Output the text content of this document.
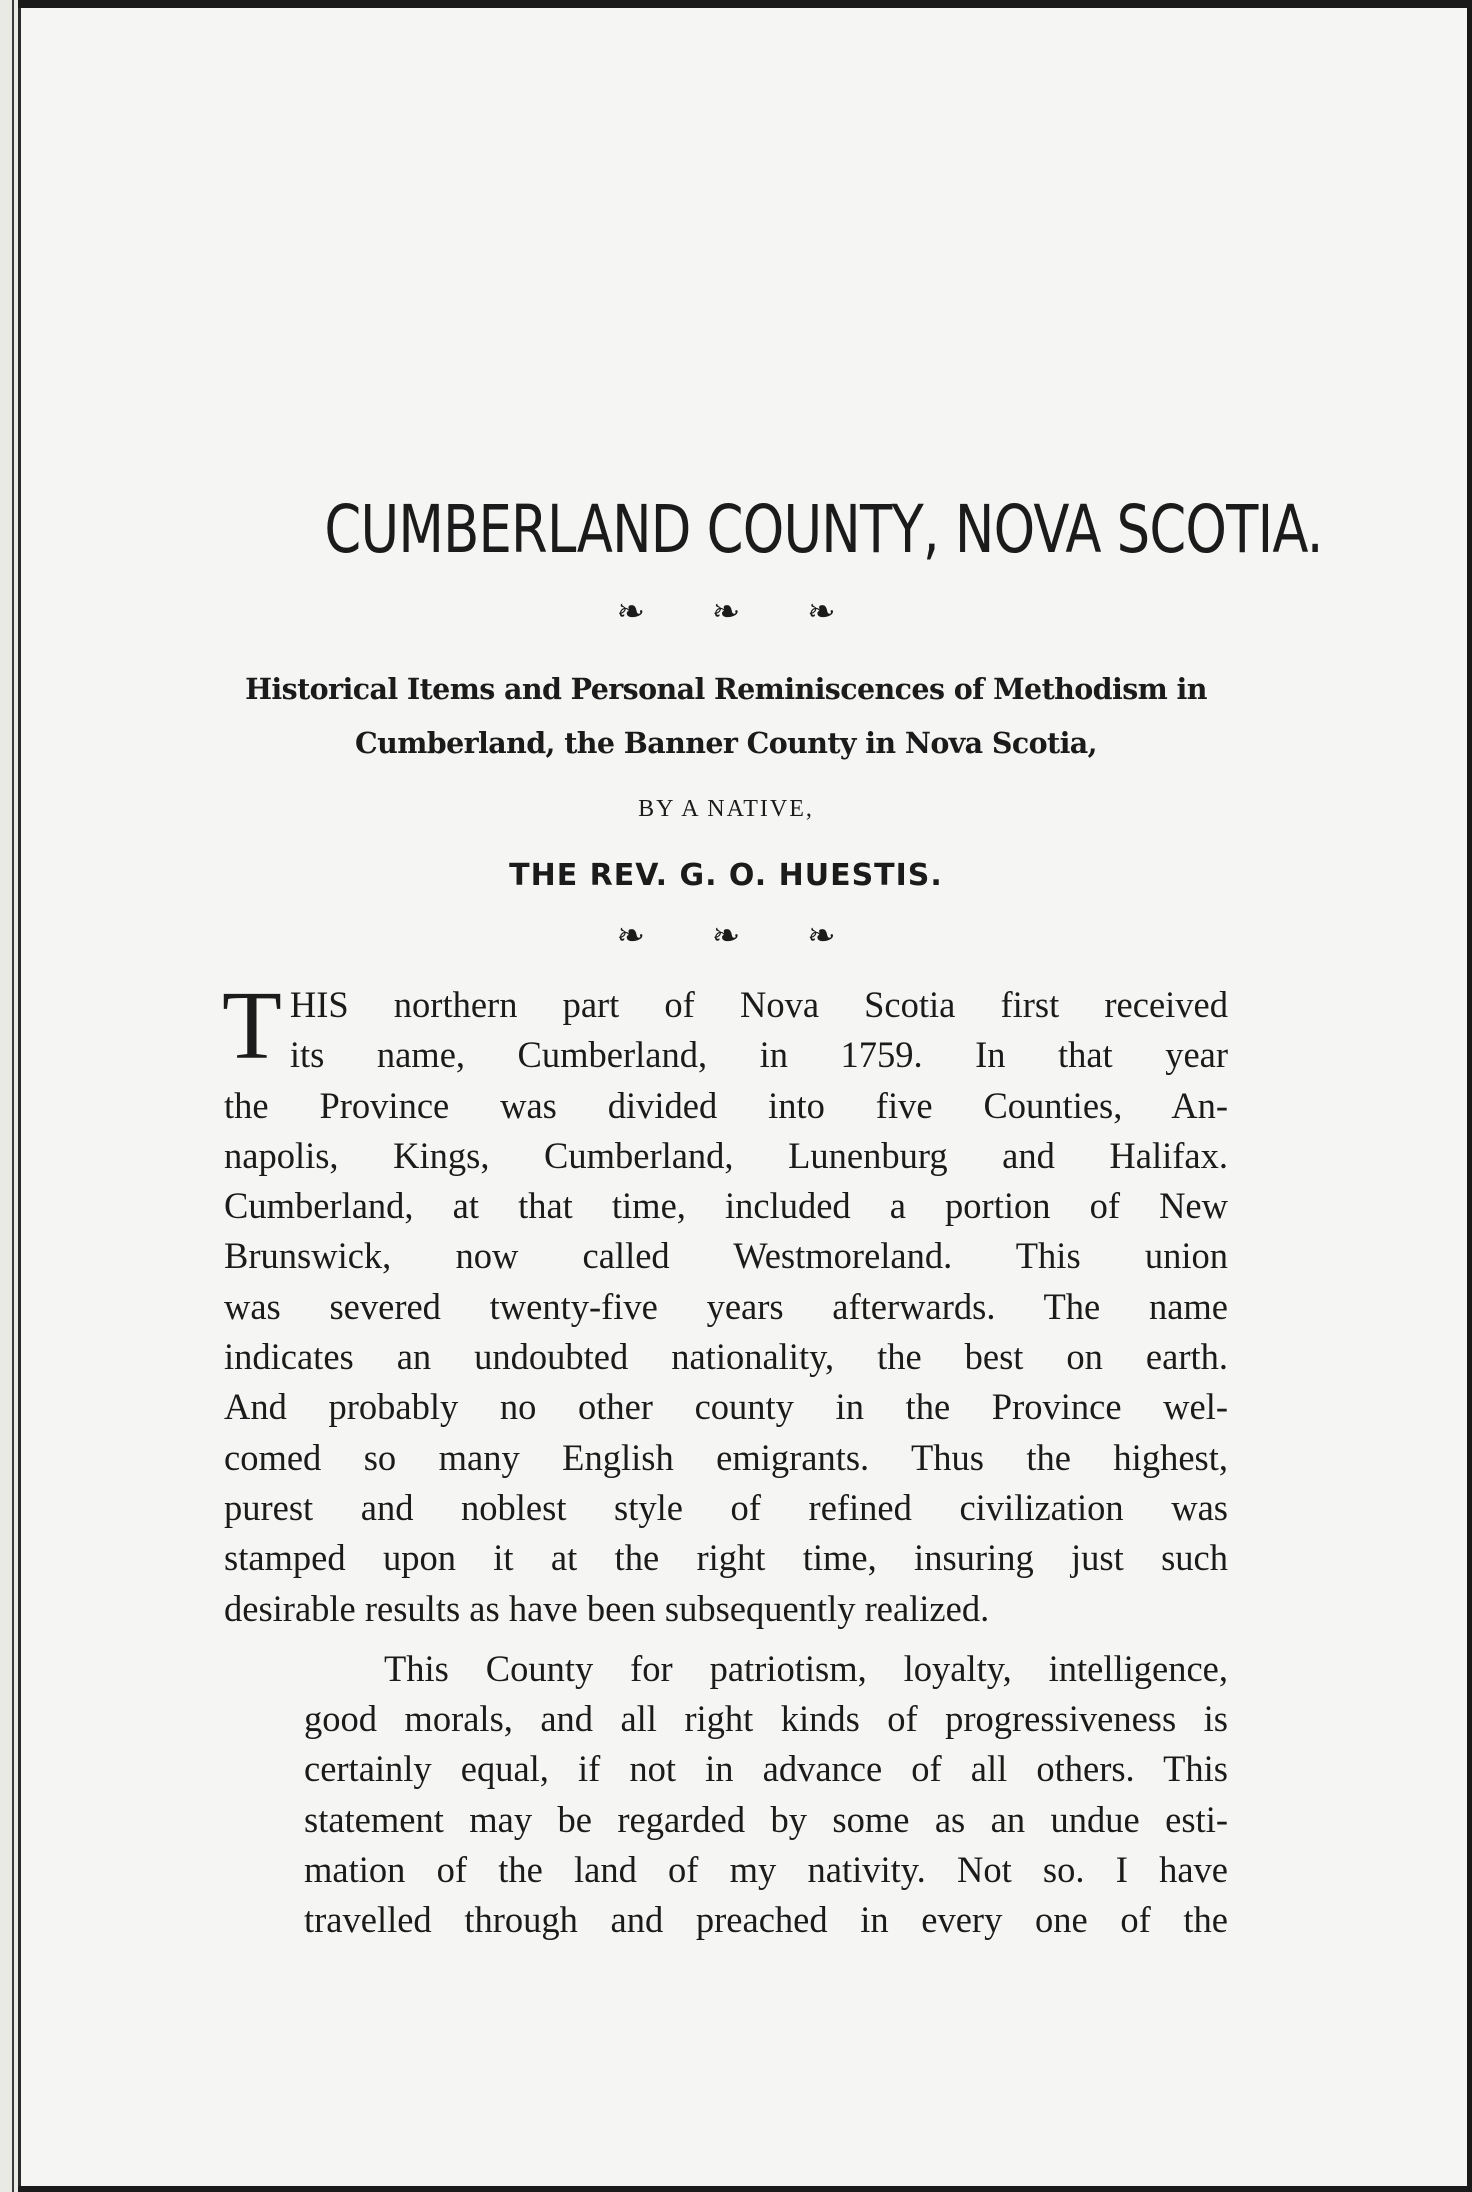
CUMBERLAND COUNTY, NOVA SCOTIA.
❧ ❧ ❧
Historical Items and Personal Reminiscences of Methodism in
Cumberland, the Banner County in Nova Scotia,
BY A NATIVE,
THE REV. G. O. HUESTIS.
❧ ❧ ❧
T HIS northern part of Nova Scotia first received
its name, Cumberland, in 1759. In that year
the Province was divided into five Counties, An-
napolis, Kings, Cumberland, Lunenburg and Halifax.
Cumberland, at that time, included a portion of New
Brunswick, now called Westmoreland. This union
was severed twenty-five years afterwards. The name
indicates an undoubted nationality, the best on earth.
And probably no other county in the Province wel-
comed so many English emigrants. Thus the highest,
purest and noblest style of refined civilization was
stamped upon it at the right time, insuring just such
desirable results as have been subsequently realized.
This County for patriotism, loyalty, intelligence,
good morals, and all right kinds of progressiveness is
certainly equal, if not in advance of all others. This
statement may be regarded by some as an undue esti-
mation of the land of my nativity. Not so. I have
travelled through and preached in every one of the
